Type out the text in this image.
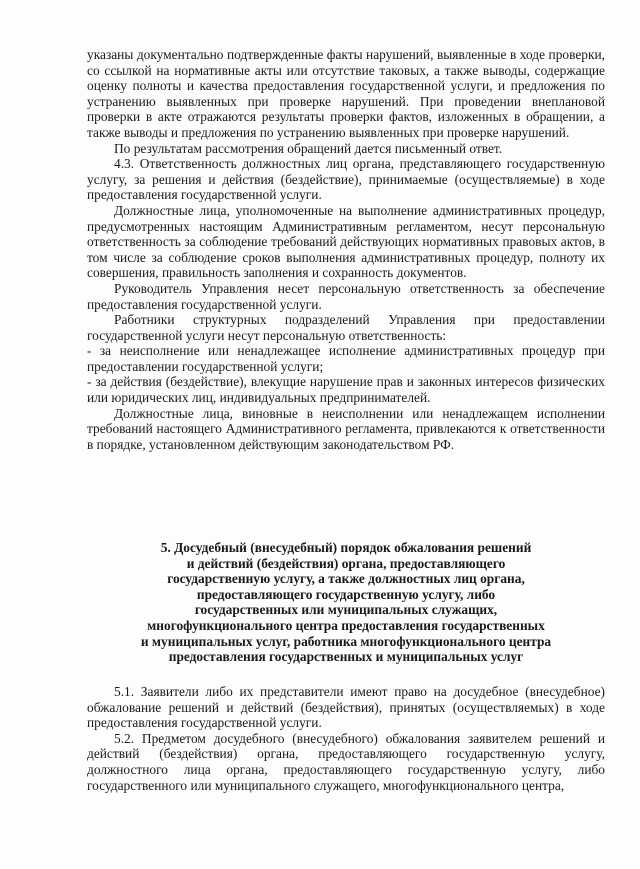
указаны документально подтвержденные факты нарушений, выявленные в ходе проверки, со ссылкой на нормативные акты или отсутствие таковых, а также выводы, содержащие оценку полноты и качества предоставления государственной услуги, и предложения по устранению выявленных при проверке нарушений. При проведении внеплановой проверки в акте отражаются результаты проверки фактов, изложенных в обращении, а также выводы и предложения по устранению выявленных при проверке нарушений.

По результатам рассмотрения обращений дается письменный ответ.

4.3. Ответственность должностных лиц органа, представляющего государственную услугу, за решения и действия (бездействие), принимаемые (осуществляемые) в ходе предоставления государственной услуги.

Должностные лица, уполномоченные на выполнение административных процедур, предусмотренных настоящим Административным регламентом, несут персональную ответственность за соблюдение требований действующих нормативных правовых актов, в том числе за соблюдение сроков выполнения административных процедур, полноту их совершения, правильность заполнения и сохранность документов.

Руководитель Управления несет персональную ответственность за обеспечение предоставления государственной услуги.

Работники структурных подразделений Управления при предоставлении государственной услуги несут персональную ответственность:

- за неисполнение или ненадлежащее исполнение административных процедур при предоставлении государственной услуги;

- за действия (бездействие), влекущие нарушение прав и законных интересов физических или юридических лиц, индивидуальных предпринимателей.

Должностные лица, виновные в неисполнении или ненадлежащем исполнении требований настоящего Административного регламента, привлекаются к ответственности в порядке, установленном действующим законодательством РФ.

5. Досудебный (внесудебный) порядок обжалования решений
и действий (бездействия) органа, предоставляющего
государственную услугу, а также должностных лиц органа,
предоставляющего государственную услугу, либо
государственных или муниципальных служащих,
многофункционального центра предоставления государственных
и муниципальных услуг, работника многофункционального центра
предоставления государственных и муниципальных услуг

5.1. Заявители либо их представители имеют право на досудебное (внесудебное) обжалование решений и действий (бездействия), принятых (осуществляемых) в ходе предоставления государственной услуги.

5.2. Предметом досудебного (внесудебного) обжалования заявителем решений и действий (бездействия) органа, предоставляющего государственную услугу, должностного лица органа, предоставляющего государственную услугу, либо государственного или муниципального служащего, многофункционального центра,
